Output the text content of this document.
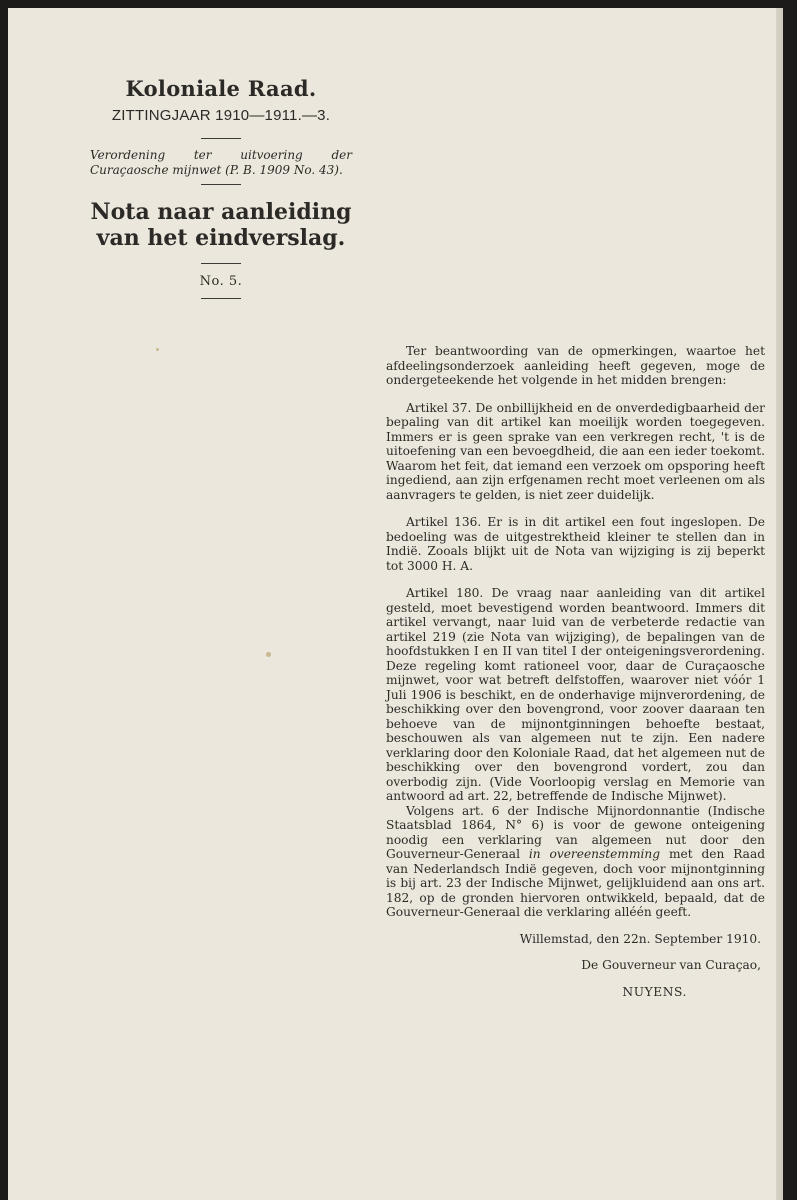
Koloniale Raad.
ZITTINGJAAR 1910—1911.—3.
Verordening ter uitvoering der Curaçaosche mijnwet (P. B. 1909 No. 43).
Nota naar aanleiding van het eindverslag.
No. 5.

Ter beantwoording van de opmerkingen, waartoe het afdeelingsonderzoek aanleiding heeft gegeven, moge de ondergeteekende het volgende in het midden brengen:

Artikel 37. De onbillijkheid en de onverdedigbaarheid der bepaling van dit artikel kan moeilijk worden toegegeven. Immers er is geen sprake van een verkregen recht, 't is de uitoefening van een bevoegdheid, die aan een ieder toekomt. Waarom het feit, dat iemand een verzoek om opsporing heeft ingediend, aan zijn erfgenamen recht moet verleenen om als aanvragers te gelden, is niet zeer duidelijk.

Artikel 136. Er is in dit artikel een fout ingeslopen. De bedoeling was de uitgestrektheid kleiner te stellen dan in Indië. Zooals blijkt uit de Nota van wijziging is zij beperkt tot 3000 H. A.

Artikel 180. De vraag naar aanleiding van dit artikel gesteld, moet bevestigend worden beantwoord. Immers dit artikel vervangt, naar luid van de verbeterde redactie van artikel 219 (zie Nota van wijziging), de bepalingen van de hoofdstukken I en II van titel I der onteigeningsverordening. Deze regeling komt rationeel voor, daar de Curaçaosche mijnwet, voor wat betreft delfstoffen, waarover niet vóór 1 Juli 1906 is beschikt, en de onderhavige mijnverordening, de beschikking over den bovengrond, voor zoover daaraan ten behoeve van de mijnontginningen behoefte bestaat, beschouwen als van algemeen nut te zijn. Een nadere verklaring door den Koloniale Raad, dat het algemeen nut de beschikking over den bovengrond vordert, zou dan overbodig zijn. (Vide Voorloopig verslag en Memorie van antwoord ad art. 22, betreffende de Indische Mijnwet).

Volgens art. 6 der Indische Mijnordonnantie (Indische Staatsblad 1864, N° 6) is voor de gewone onteigening noodig een verklaring van algemeen nut door den Gouverneur-Generaal in overeenstemming met den Raad van Nederlandsch Indië gegeven, doch voor mijnontginning is bij art. 23 der Indische Mijnwet, gelijkluidend aan ons art. 182, op de gronden hiervoren ontwikkeld, bepaald, dat de Gouverneur-Generaal die verklaring alléén geeft.

Willemstad, den 22n. September 1910.

De Gouverneur van Curaçao,

NUYENS.
